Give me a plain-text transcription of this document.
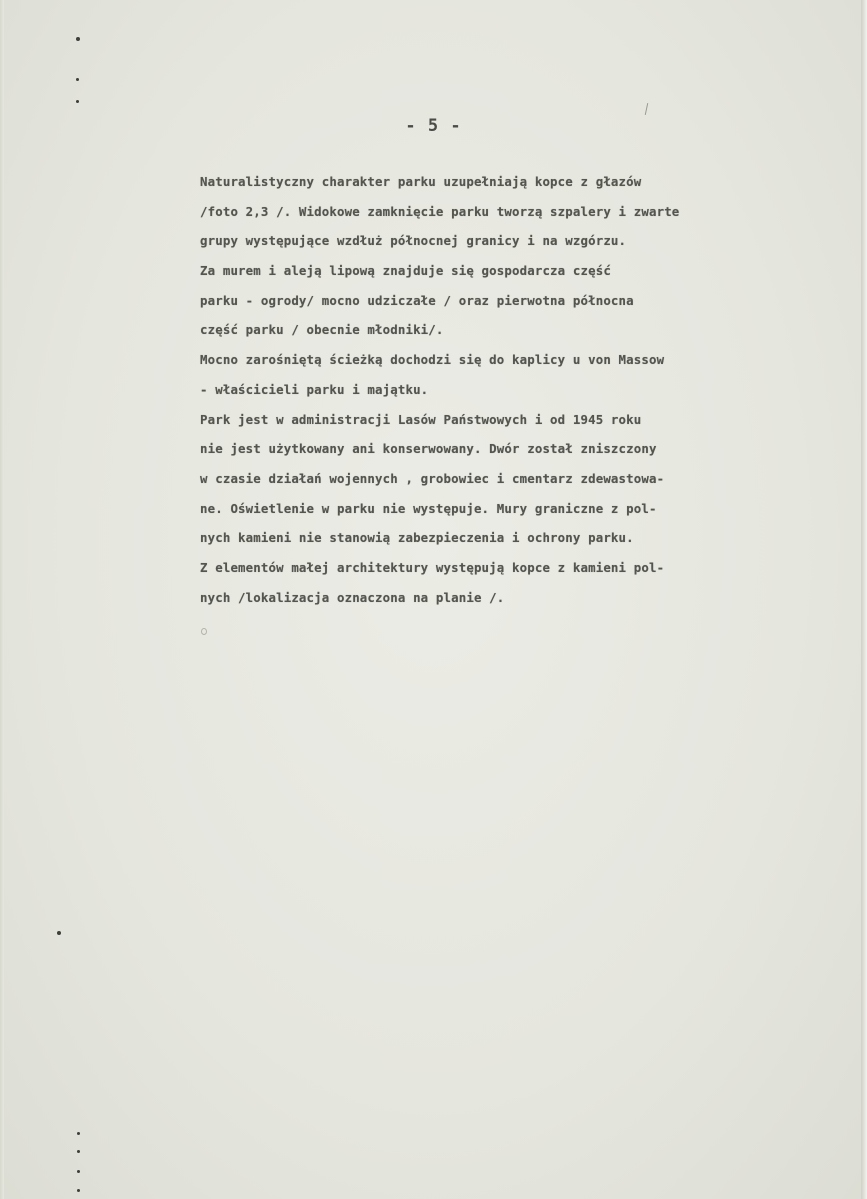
- 5 -
Naturalistyczny charakter parku uzupełniają kopce z głazów
/foto 2,3 /. Widokowe zamknięcie parku tworzą szpalery i zwarte
grupy występujące wzdłuż północnej granicy i na wzgórzu.
Za murem i aleją lipową znajduje się gospodarcza część
parku - ogrody/ mocno udziczałe / oraz pierwotna północna
część parku / obecnie młodniki/.
Mocno zarośniętą ścieżką dochodzi się do kaplicy u von Massow
- właścicieli parku i majątku.
Park jest w administracji Lasów Państwowych i od 1945 roku
nie jest użytkowany ani konserwowany. Dwór został zniszczony
w czasie działań wojennych , grobowiec i cmentarz zdewastowa-
ne. Oświetlenie w parku nie występuje. Mury graniczne z pol-
nych kamieni nie stanowią zabezpieczenia i ochrony parku.
Z elementów małej architektury występują kopce z kamieni pol-
nych /lokalizacja oznaczona na planie /.
